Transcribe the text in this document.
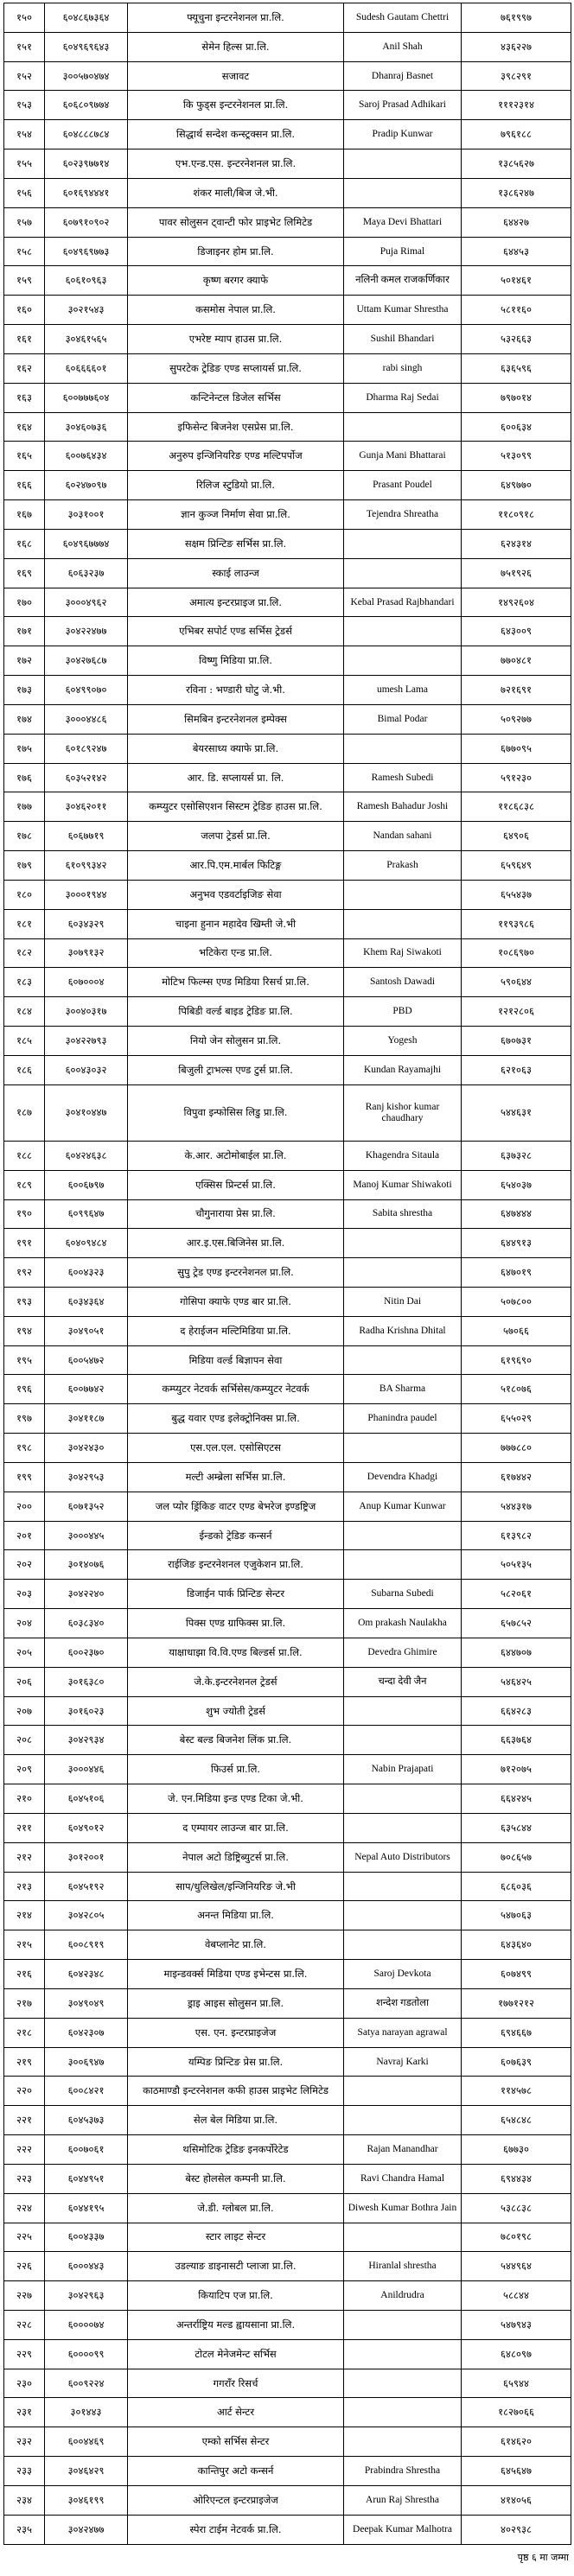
१५०	६०४८६७३६४	फ्यूचुना इन्टरनेशनल प्रा.लि.	Sudesh Gautam Chettri	७६१९९७
१५१	६०४९६९६४३	सेमेन हिल्स प्रा.लि.	Anil Shah	४३६२२७
१५२	३००५७०४७४	सजावट	Dhanraj Basnet	३९८२९१
१५३	६०६८०९७७४	कि फुड्स इन्टरनेशनल प्रा.लि.	Saroj Prasad Adhikari	१११२३१४
१५४	६०४८८८७८४	सिद्धार्थ सन्देश कन्स्ट्रक्सन प्रा.लि.	Pradip Kunwar	७९६१८८
१५५	६०२३९७७१४	एभ.एन्ड.एस. इन्टरनेशनल प्रा.लि.		१३८५६२७
१५६	६०१६९४४४१	शंकर माली/बिज जे.भी.		१३८६२४७
१५७	६०७९१०९०२	पावर सोलुसन ट्वान्टी फोर प्राइभेट लिमिटेड	Maya Devi Bhattari	६४४२७
१५८	६०४९६९७७३	डिजाइनर होम प्रा.लि.	Puja Rimal	६४४५३
१५९	६०६१०९६३	कृष्ण बरगर क्याफे	नलिनी कमल राजकर्णिकार	५०१४६१
१६०	३०२१५४३	कसमोस नेपाल प्रा.लि.	Uttam Kumar Shrestha	५८११६०
१६१	३०४६१५६५	एभरेष्ट म्याप हाउस प्रा.लि.	Sushil Bhandari	५३२६६३
१६२	६०६६६६०१	सुपरटेक ट्रेडिङ एण्ड सप्लायर्स प्रा.लि.	rabi singh	६३६५९६
१६३	६००७७७६०४	कन्टिनेन्टल डिजेल सर्भिस	Dharma Raj Sedai	७९७०१४
१६४	३०४६०७३६	इफिसेन्ट बिजनेश एसप्रेस प्रा.लि.		६००६३४
१६५	६००७६४३४	अनुरुप इन्जिनियरिङ एण्ड मल्टिपर्पोज	Gunja Mani Bhattarai	५१३०९९
१६६	६०२४७०९७	रिलिज स्टुडियो प्रा.लि.	Prasant Poudel	६४९७७०
१६७	३०३१००१	ज्ञान कुञ्ज निर्माण सेवा प्रा.लि.	Tejendra Shreatha	११८०९१८
१६८	६०४९६७७७४	सक्षम प्रिन्टिङ सर्भिस प्रा.लि.		६२४३१४
१६९	६०६३२३७	स्काई लाउन्ज		७५१९२६
१७०	३०००४९६२	अमात्य इन्टरप्राइज प्रा.लि.	Kebal Prasad Rajbhandari	१४९२६०४
१७१	३०४२२४७७	एभिबर सपोर्ट एण्ड सर्भिस ट्रेडर्स		६४३००९
१७२	३०४२७६८७	विष्णु मिडिया प्रा.लि.		७७०४८१
१७३	६०४९९०७०	रविना : भण्डारी घोटु जे.भी.	umesh Lama	७२१६९१
१७४	३०००४४८६	सिमबिन इन्टरनेशनल इम्पेक्स	Bimal Podar	५०९२७७
१७५	६०१८९२४७	बेयरसाध्य क्याफे प्रा.लि.		६७७०९५
१७६	६०३५२१४२	आर. डि. सप्लायर्स प्रा. लि.	Ramesh Subedi	५९१२३०
१७७	३०४६२०११	कम्प्युटर एसोसिएशन सिस्टम ट्रेडिङ हाउस प्रा.लि.	Ramesh Bahadur Joshi	११८६८३८
१७८	६०६७७१९	जलपा ट्रेडर्स प्रा.लि.	Nandan sahani	६४९०६
१७९	६१०९९३४२	आर.पि.एम.मार्बल फिटिङ्ग	Prakash	६५९६४९
१८०	३०००१९४४	अनुभव एडवर्टाइजिङ सेवा		६५५४३७
१८१	६०३४३२९	चाइना हुनान महादेव खिम्ती जे.भी		११९३९८६
१८२	३०७९१३२	भटिकेरा एन्ड प्रा.लि.	Khem Raj Siwakoti	१०८६९७०
१८३	६०७०००४	मोटिभ फिल्म्स एण्ड मिडिया रिसर्च प्रा.लि.	Santosh Dawadi	५९०६४४
१८४	३००४०३१७	पिबिडी वर्ल्ड बाइड ट्रेडिङ प्रा.लि.	PBD	१२१२८०६
१८५	३०४२२७९३	नियो जेन सोलुसन प्रा.लि.	Yogesh	६७०७३१
१८६	६००४३०३२	बिजुली ट्राभल्स एण्ड टुर्स प्रा.लि.	Kundan Rayamajhi	६२१०६३
१८७	३०४१०४४७	विपुवा इन्फोसिस लिडु प्रा.लि.	Ranj kishor kumar chaudhary	५४४६३१
१८८	६०४२४६३८	के.आर. अटोमोबाईल प्रा.लि.	Khagendra Sitaula	६३७३२८
१८९	६००६७९७	एक्सिस प्रिन्टर्स प्रा.लि.	Manoj Kumar Shiwakoti	६५४०३७
१९०	६०९९६४७	चौगुनाराया प्रेस प्रा.लि.	Sabita shrestha	६४७४४४
१९१	६०४०९४८४	आर.इ.एस.बिजिनेस प्रा.लि.		६४४९१३
१९२	६००४३२३	सुपु ट्रेड एण्ड इन्टरनेशनल प्रा.लि.		६४७०१९
१९३	६०३४३६४	गोसिपा क्याफे एण्ड बार प्रा.लि.	Nitin Dai	५०७८००
१९४	३०४९०५१	द हेराईजन मल्टिमिडिया प्रा.लि.	Radha Krishna Dhital	५७०६६
१९५	६००५४७२	मिडिया वर्ल्ड बिज्ञापन सेवा		६१९६९०
१९६	६००७७४२	कम्प्युटर नेटवर्क सर्भिसेस/कम्प्युटर नेटवर्क	BA Sharma	५१८०७६
१९७	३०४११८७	बुद्ध यवार एण्ड इलेक्ट्रोनिक्स प्रा.लि.	Phanindra paudel	६५५०२९
१९८	३०४२४३०	एस.एल.एल. एसोसिएटस		७७७८८०
१९९	३०४२९५३	मल्टी अम्ब्रेला सर्भिस प्रा.लि.	Devendra Khadgi	६१७४४२
२००	६०७१३५२	जल प्योर ड्रिंकिङ वाटर एण्ड बेभरेज इण्डष्ट्रिज	Anup Kumar Kunwar	५४४३१७
२०१	३०००४४५	ईन्डको ट्रेडिङ कन्सर्न		६१३९८२
२०२	३०१४०७६	राईजिङ इन्टरनेशनल एजुकेशन प्रा.लि.		५०५१३५
२०३	३०४२२४०	डिजाईन पार्क प्रिन्टिङ सेन्टर	Subarna Subedi	५८२०६१
२०४	६०३८३४०	पिक्स एण्ड ग्राफिक्स प्रा.लि.	Om prakash Naulakha	६५७८५२
२०५	६००२३७०	याक्षाधाझा वि.वि.एण्ड बिल्डर्स प्रा.लि.	Devedra Ghimire	६४४७०७
२०६	३०१६३८०	जे.के.इन्टरनेशनल ट्रेडर्स	चन्दा देवी जैन	५४६४२५
२०७	३०१६०२३	शुभ ज्योती ट्रेडर्स		६६४२८३
२०८	३०४२९३४	बेस्ट बल्ड बिजनेश लिंक प्रा.लि.		६६३७६४
२०९	३०००४४६	फिउर्स प्रा.लि.	Nabin Prajapati	७१२०७५
२१०	६०४५१०६	जे. एन.मिडिया इन्ड एण्ड टिका जे.भी.		६६४२४५
२११	६०४९०१२	द एम्पायर लाउन्ज बार प्रा.लि.		६३५८४४
२१२	३०१२००१	नेपाल अटो डिष्ट्रिब्युटर्स प्रा.लि.	Nepal Auto Distributors	७०८६५७
२१३	६०४५१९२	साप/धुलिखेल/इन्जिनियरिङ जे.भी		६८६०३६
२१४	३०४२८०५	अनन्त मिडिया प्रा.लि.		५४७०६३
२१५	६००८९१९	वेबप्लानेट प्रा.लि.		६४३६४०
२१६	६०४२३४८	माइन्डवर्क्स मिडिया एण्ड इभेन्टस प्रा.लि.	Saroj Devkota	६०७४९९
२१७	३०४९०४९	ड्राइ आइस सोलुसन प्रा.लि.	शन्देश गडतोला	१७७१२१२
२१८	६०४२३०७	एस. एन. इन्टरप्राइजेज	Satya narayan agrawal	६९४६६७
२१९	३००६९४७	यम्पिङ प्रिन्टिङ प्रेस प्रा.लि.	Navraj Karki	६०७६३९
२२०	६००८४२१	काठमाण्डौ इन्टरनेशनल कफी हाउस प्राइभेट लिमिटेड		११४५७८
२२१	६०४५३७३	सेल बेल मिडिया प्रा.लि.		६५४८४८
२२२	६००७०६१	थसिमोटिक ट्रेडिङ इनकर्पोरेटेड	Rajan Manandhar	६७७३०
२२३	६०४४९५१	बेस्ट होलसेल कम्पनी प्रा.लि.	Ravi Chandra Hamal	६९४४३४
२२४	६०४४१९५	जे.डी. ग्लोबल प्रा.लि.	Diwesh Kumar Bothra Jain	५३८८३८
२२५	६००४३३७	स्टार लाइट सेन्टर		७८०१९८
२२६	६०००४४३	उडल्याङ डाइनासटी प्लाजा प्रा.लि.	Hiranlal shrestha	५४४९६४
२२७	३०४२९६३	कियाटिप एज प्रा.लि.	Anildrudra	५८८४४
२२८	६००००७४	अन्तर्राष्ट्रिय मल्ड ह्वायसाना प्रा.लि.		५४७९४३
२२९	६००००९९	टोटल मेनेजमेन्ट सर्भिस		६४८०९७
२३०	६००९२२४	गगराँर रिसर्च		६५९४४
२३१	३०१४४३	आर्ट सेन्टर		१८२७०६६
२३२	६००४४६९	एम्को सर्भिस सेन्टर		६१४६२०
२३३	३०४६४२९	कान्तिपुर अटो कन्सर्न	Prabindra Shrestha	६४५६४७
२३४	३०४६१९९	ओरिएन्टल इन्टरप्राइजेज	Arun Raj Shrestha	४१४०५६
२३५	३०४२४७७	स्पेरा टाईम नेटवर्क प्रा.लि.	Deepak Kumar Malhotra	४०२९३८
पृष्ठ ६ मा जम्मा
